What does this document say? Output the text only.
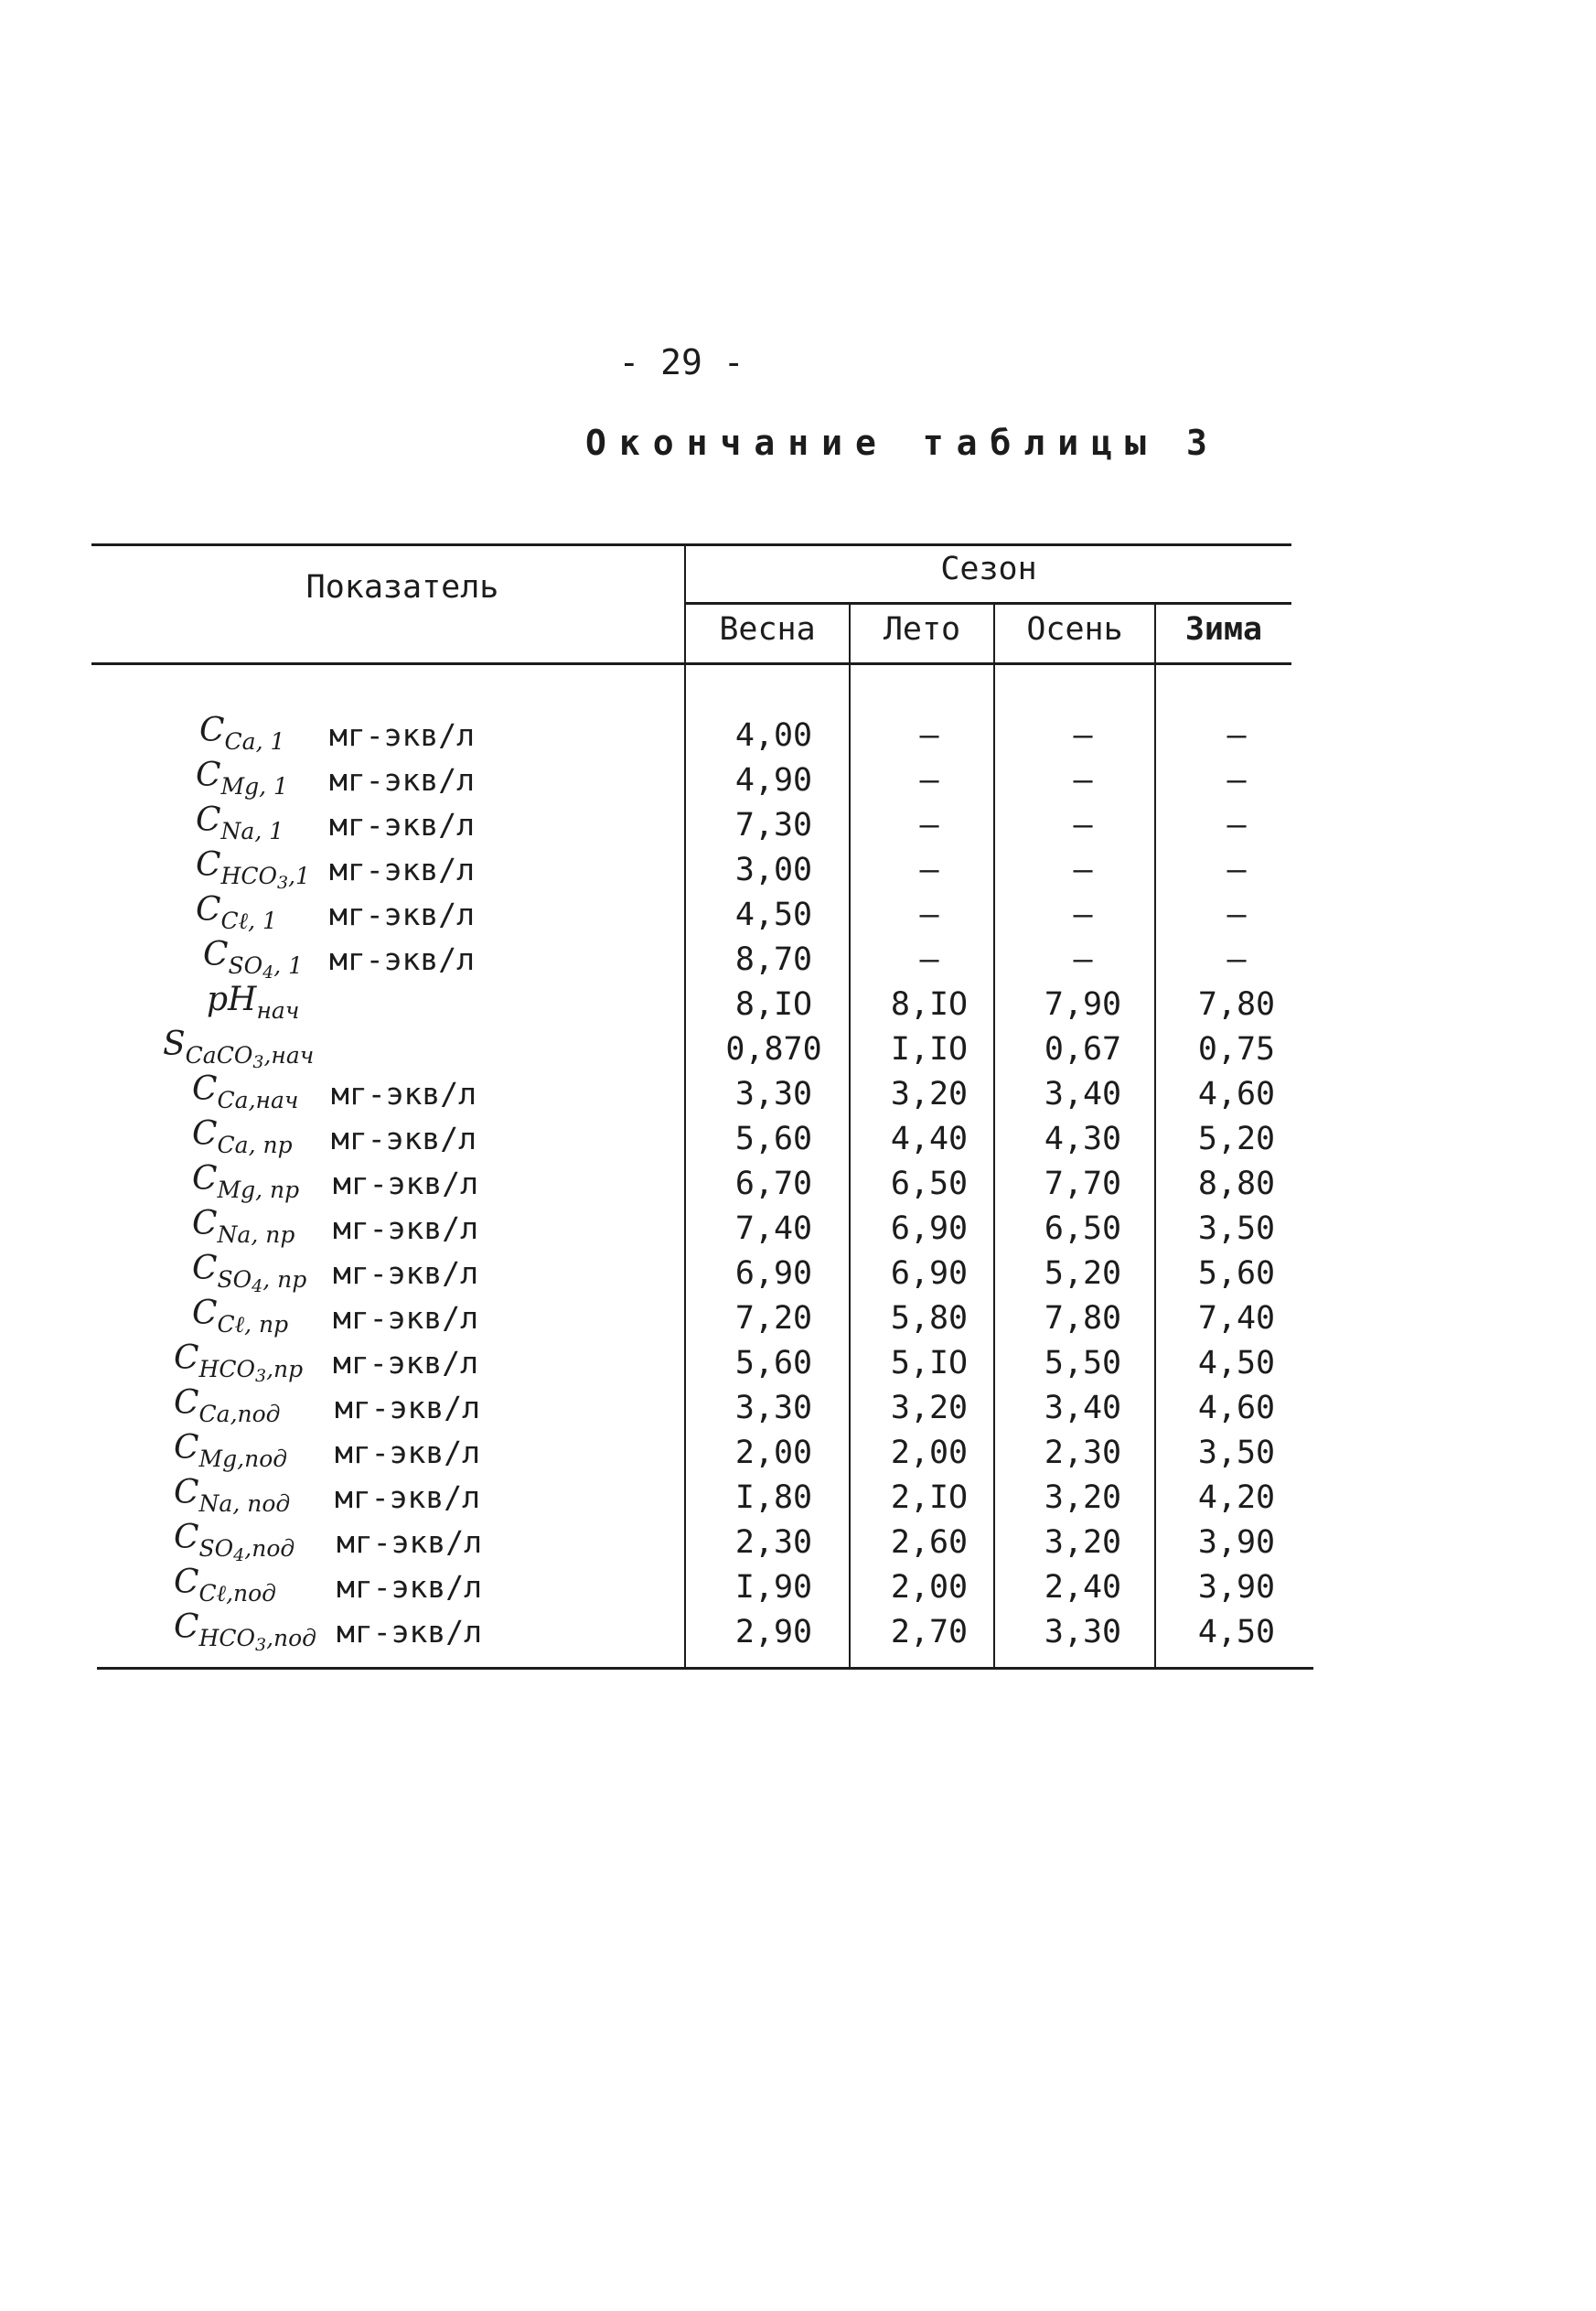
- 29 -
Окончание таблицы 3
Показатель	Сезон
Весна	Лето	Осень	Зима
$C_{Ca, 1}$ мг-экв/л	4,00	–	–	–
$C_{Mg, 1}$ мг-экв/л	4,90	–	–	–
$C_{Na, 1}$ мг-экв/л	7,30	–	–	–
$C_{HCO_3,1}$ мг-экв/л	3,00	–	–	–
$C_{C\ell, 1}$ мг-экв/л	4,50	–	–	–
$C_{SO_4, 1}$ мг-экв/л	8,70	–	–	–
$pH_{нач}$	8,IO	8,IO	7,90	7,80
$S_{CaCO_3,нач}$	0,870	I,IO	0,67	0,75
$C_{Ca,нач}$ мг-экв/л	3,30	3,20	3,40	4,60
$C_{Ca, пр}$ мг-экв/л	5,60	4,40	4,30	5,20
$C_{Mg, пр}$ мг-экв/л	6,70	6,50	7,70	8,80
$C_{Na, пр}$ мг-экв/л	7,40	6,90	6,50	3,50
$C_{SO_4, пр}$ мг-экв/л	6,90	6,90	5,20	5,60
$C_{C\ell, пр}$ мг-экв/л	7,20	5,80	7,80	7,40
$C_{HCO_3,пр}$ мг-экв/л	5,60	5,IO	5,50	4,50
$C_{Ca,под}$ мг-экв/л	3,30	3,20	3,40	4,60
$C_{Mg,под}$ мг-экв/л	2,00	2,00	2,30	3,50
$C_{Na, под}$ мг-экв/л	I,80	2,IO	3,20	4,20
$C_{SO_4,под}$ мг-экв/л	2,30	2,60	3,20	3,90
$C_{C\ell,под}$ мг-экв/л	I,90	2,00	2,40	3,90
$C_{HCO_3,под}$ мг-экв/л	2,90	2,70	3,30	4,50
